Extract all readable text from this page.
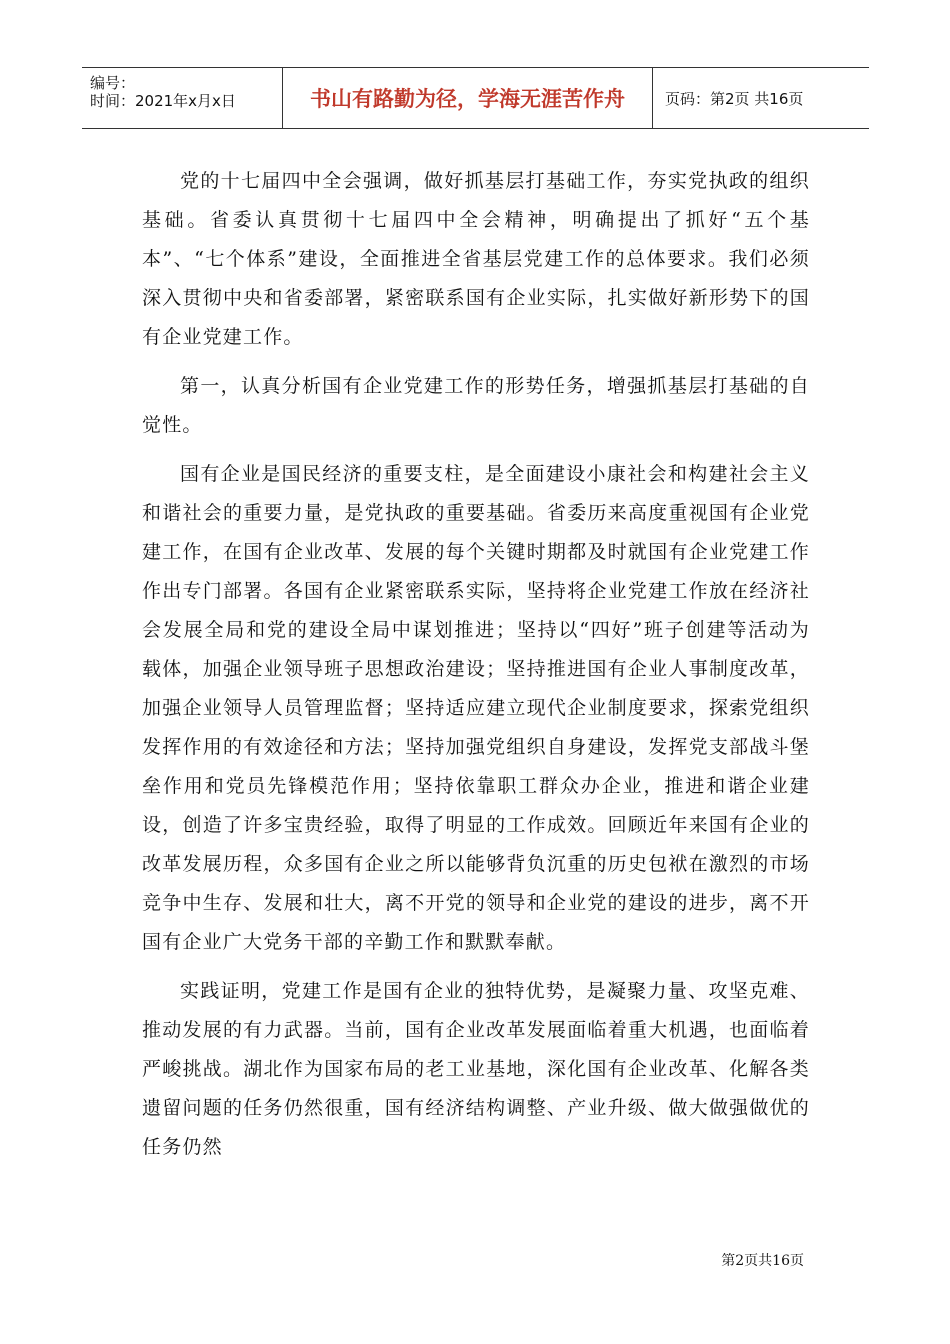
编号：
时间：2021年x月x日	书山有路勤为径，学海无涯苦作舟	页码：第2页 共16页

党的十七届四中全会强调，做好抓基层打基础工作，夯实党执政的组织基础。省委认真贯彻十七届四中全会精神，明确提出了抓好“五个基本”、“七个体系”建设，全面推进全省基层党建工作的总体要求。我们必须深入贯彻中央和省委部署，紧密联系国有企业实际，扎实做好新形势下的国有企业党建工作。

第一，认真分析国有企业党建工作的形势任务，增强抓基层打基础的自觉性。

国有企业是国民经济的重要支柱，是全面建设小康社会和构建社会主义和谐社会的重要力量，是党执政的重要基础。省委历来高度重视国有企业党建工作，在国有企业改革、发展的每个关键时期都及时就国有企业党建工作作出专门部署。各国有企业紧密联系实际，坚持将企业党建工作放在经济社会发展全局和党的建设全局中谋划推进；坚持以“四好”班子创建等活动为载体，加强企业领导班子思想政治建设；坚持推进国有企业人事制度改革，加强企业领导人员管理监督；坚持适应建立现代企业制度要求，探索党组织发挥作用的有效途径和方法；坚持加强党组织自身建设，发挥党支部战斗堡垒作用和党员先锋模范作用；坚持依靠职工群众办企业，推进和谐企业建设，创造了许多宝贵经验，取得了明显的工作成效。回顾近年来国有企业的改革发展历程，众多国有企业之所以能够背负沉重的历史包袱在激烈的市场竞争中生存、发展和壮大，离不开党的领导和企业党的建设的进步，离不开国有企业广大党务干部的辛勤工作和默默奉献。

实践证明，党建工作是国有企业的独特优势，是凝聚力量、攻坚克难、推动发展的有力武器。当前，国有企业改革发展面临着重大机遇，也面临着严峻挑战。湖北作为国家布局的老工业基地，深化国有企业改革、化解各类遗留问题的任务仍然很重，国有经济结构调整、产业升级、做大做强做优的任务仍然

第2页共16页
